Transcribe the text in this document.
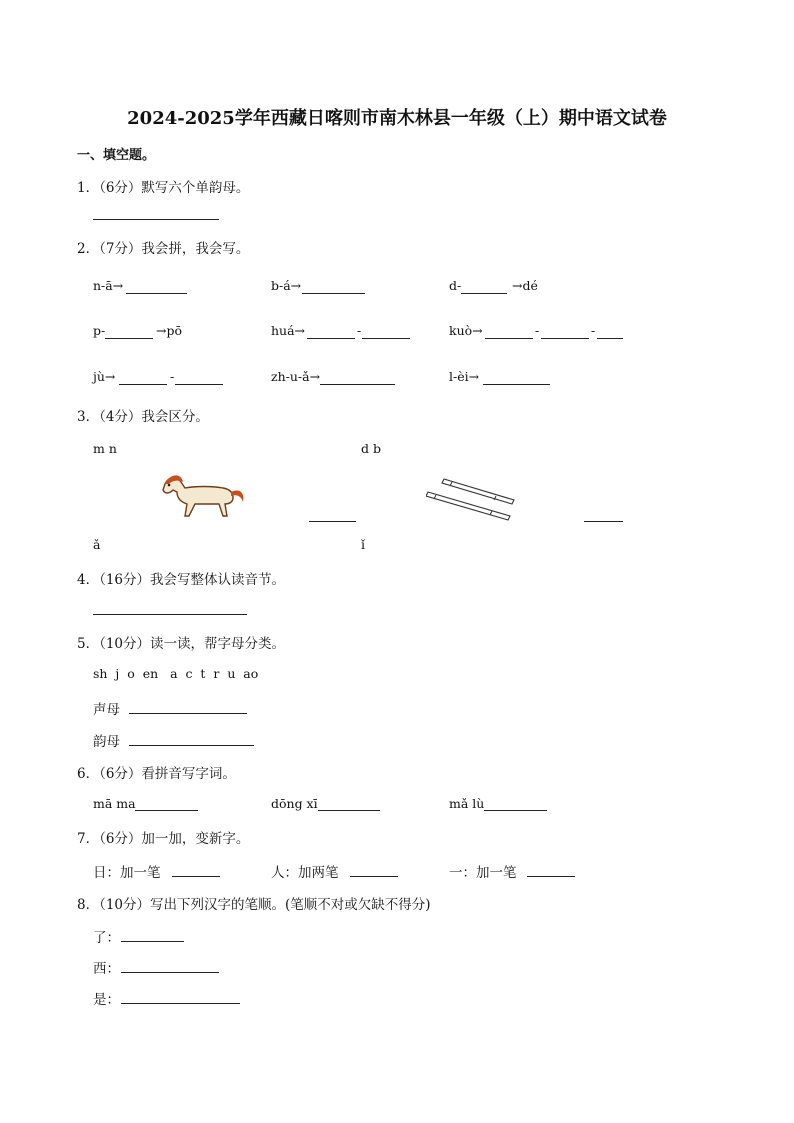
2024-2025学年西藏日喀则市南木林县一年级（上）期中语文试卷
一、填空题。
1．（6分）默写六个单韵母。
2．（7分）我会拼，我会写。
n-ā→	b-á→	d-	→dé
p-	→pō	huá→	-	kuò→	-	-
jù→	-	zh-u-ǎ→	l-èi→
3．（4分）我会区分。
m n	d b
ǎ	ǐ
4．（16分）我会写整体认读音节。
5．（10分）读一读，帮字母分类。
sh  j  o  en   a  c  t  r  u  ao
声母
韵母
6．（6分）看拼音写字词。
mā ma	dōng xī	mǎ lù
7．（6分）加一加，变新字。
日：加一笔	人：加两笔	一：加一笔
8．（10分）写出下列汉字的笔顺。(笔顺不对或欠缺不得分)
了：
西：
是：
